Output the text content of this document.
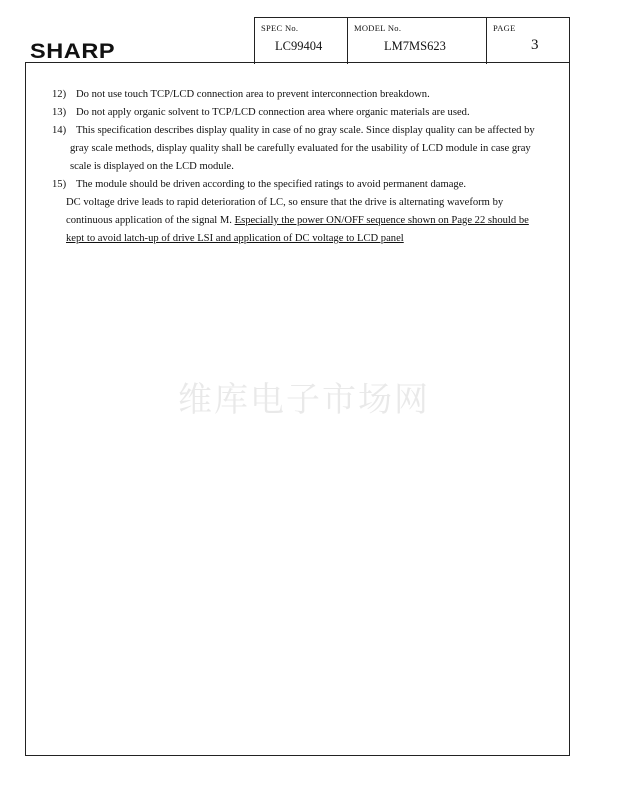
SHARP
SPEC No.
LC99404
MODEL No.
LM7MS623
PAGE
3
12) Do not use touch TCP/LCD connection area to prevent interconnection breakdown.
13) Do not apply organic solvent to TCP/LCD connection area where organic materials are used.
14) This specification describes display quality in case of no gray scale. Since display quality can be affected by
gray scale methods, display quality shall be carefully evaluated for the usability of LCD module in case gray
scale is displayed on the LCD module.
15) The module should be driven according to the specified ratings to avoid permanent damage.
DC voltage drive leads to rapid deterioration of LC, so ensure that the drive is alternating waveform by
continuous application of the signal M. Especially the power ON/OFF sequence shown on Page 22 should be
kept to avoid latch-up of drive LSI and application of DC voltage to LCD panel
维库电子市场网
